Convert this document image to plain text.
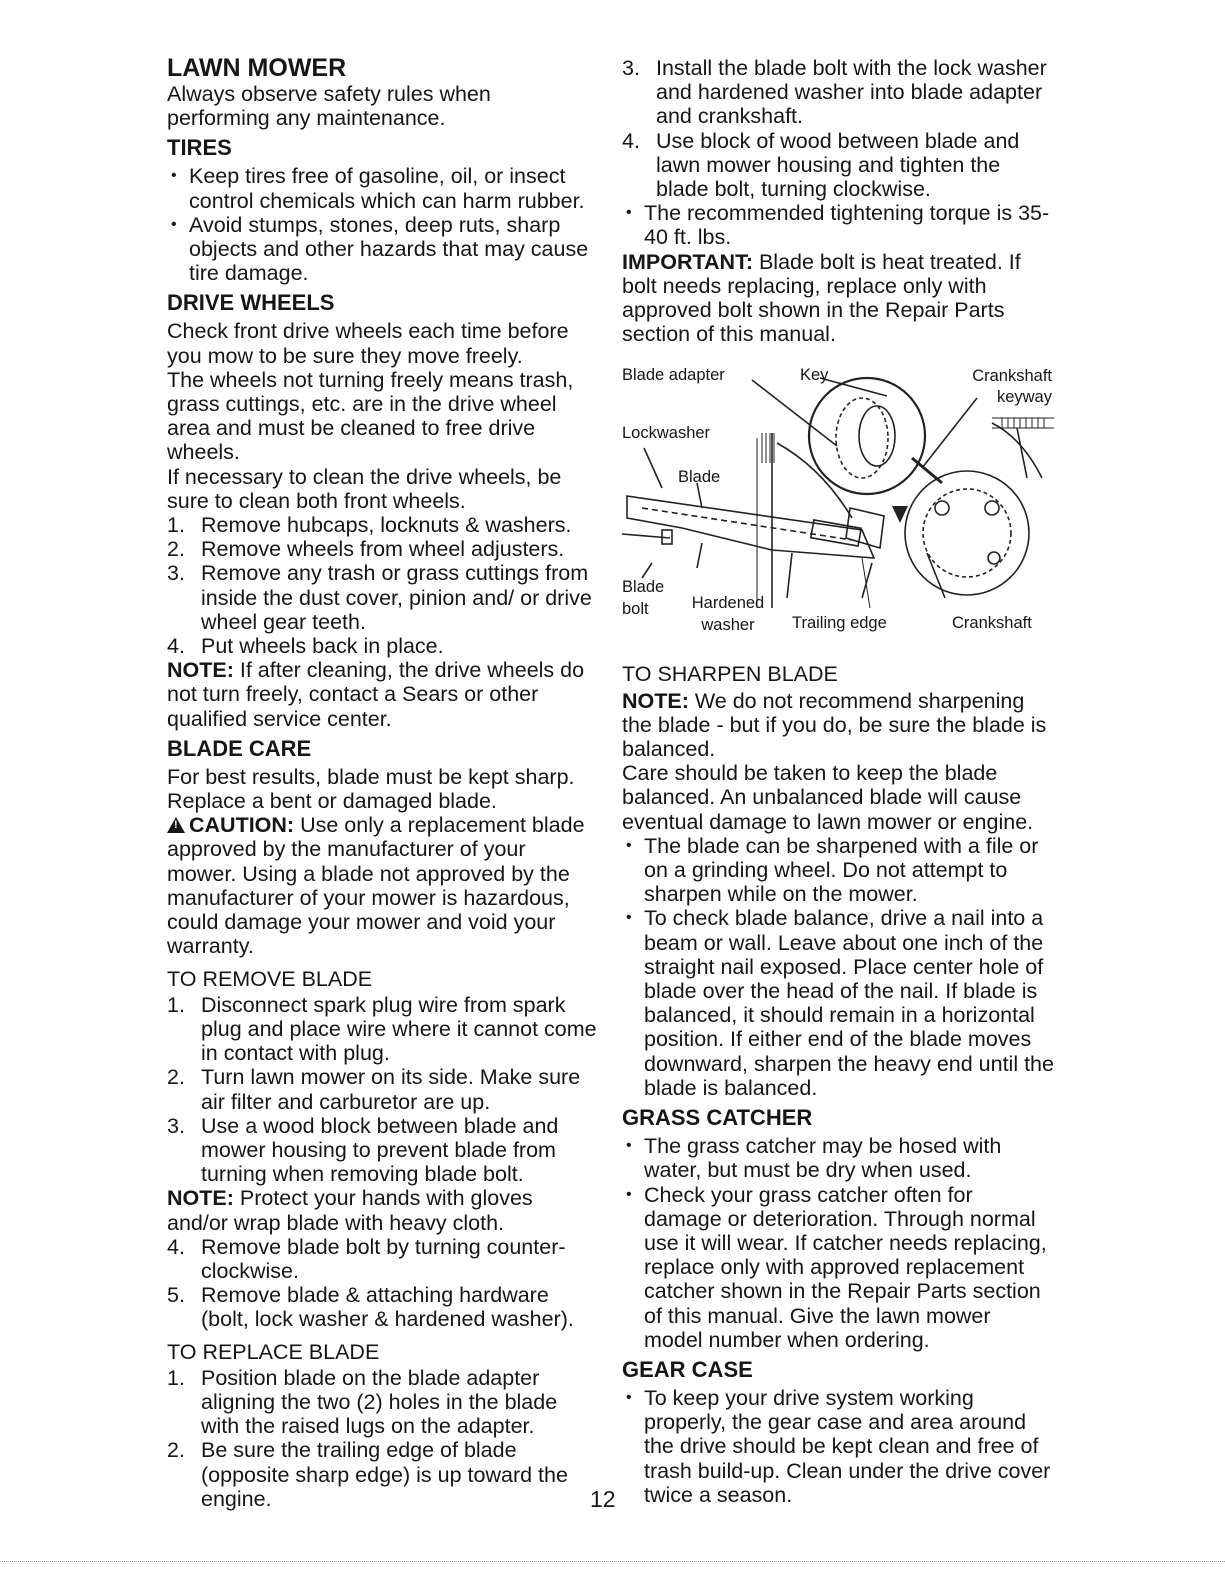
LAWN MOWER

Always observe safety rules when performing any maintenance.

TIRES
• Keep tires free of gasoline, oil, or insect control chemicals which can harm rubber.
• Avoid stumps, stones, deep ruts, sharp objects and other hazards that may cause tire damage.
DRIVE WHEELS

Check front drive wheels each time before you mow to be sure they move freely.

The wheels not turning freely means trash, grass cuttings, etc. are in the drive wheel area and must be cleaned to free drive wheels.

If necessary to clean the drive wheels, be sure to clean both front wheels.

1. Remove hubcaps, locknuts & washers.
2. Remove wheels from wheel adjusters.
3. Remove any trash or grass cuttings from inside the dust cover, pinion and/ or drive wheel gear teeth.
4. Put wheels back in place.

NOTE: If after cleaning, the drive wheels do not turn freely, contact a Sears or other qualified service center.

BLADE CARE

For best results, blade must be kept sharp. Replace a bent or damaged blade.

!CAUTION: Use only a replacement blade approved by the manufacturer of your mower. Using a blade not approved by the manufacturer of your mower is hazardous, could damage your mower and void your warranty.

TO REMOVE BLADE
1. Disconnect spark plug wire from spark plug and place wire where it cannot come in contact with plug.
2. Turn lawn mower on its side. Make sure air filter and carburetor are up.
3. Use a wood block between blade and mower housing to prevent blade from turning when removing blade bolt.

NOTE: Protect your hands with gloves and/or wrap blade with heavy cloth.

4. Remove blade bolt by turning counter-clockwise.
5. Remove blade & attaching hardware (bolt, lock washer & hardened washer).
TO REPLACE BLADE
1. Position blade on the blade adapter aligning the two (2) holes in the blade with the raised lugs on the adapter.
2. Be sure the trailing edge of blade (opposite sharp edge) is up toward the engine.
3. Install the blade bolt with the lock washer and hardened washer into blade adapter and crankshaft.
4. Use block of wood between blade and lawn mower housing and tighten the blade bolt, turning clockwise.
• The recommended tightening torque is 35-40 ft. lbs.

IMPORTANT: Blade bolt is heat treated. If bolt needs replacing, replace only with approved bolt shown in the Repair Parts section of this manual.

Blade adapter	Key	Crankshaft keyway
Lockwasher
Blade
Blade bolt	Hardened washer	Trailing edge	Crankshaft
TO SHARPEN BLADE

NOTE: We do not recommend sharpening the blade - but if you do, be sure the blade is balanced.

Care should be taken to keep the blade balanced. An unbalanced blade will cause eventual damage to lawn mower or engine.

• The blade can be sharpened with a file or on a grinding wheel. Do not attempt to sharpen while on the mower.
• To check blade balance, drive a nail into a beam or wall. Leave about one inch of the straight nail exposed. Place center hole of blade over the head of the nail. If blade is balanced, it should remain in a horizontal position. If either end of the blade moves downward, sharpen the heavy end until the blade is balanced.
GRASS CATCHER
• The grass catcher may be hosed with water, but must be dry when used.
• Check your grass catcher often for damage or deterioration. Through normal use it will wear. If catcher needs replacing, replace only with approved replacement catcher shown in the Repair Parts section of this manual. Give the lawn mower model number when ordering.
GEAR CASE
• To keep your drive system working properly, the gear case and area around the drive should be kept clean and free of trash build-up. Clean under the drive cover twice a season.
12
